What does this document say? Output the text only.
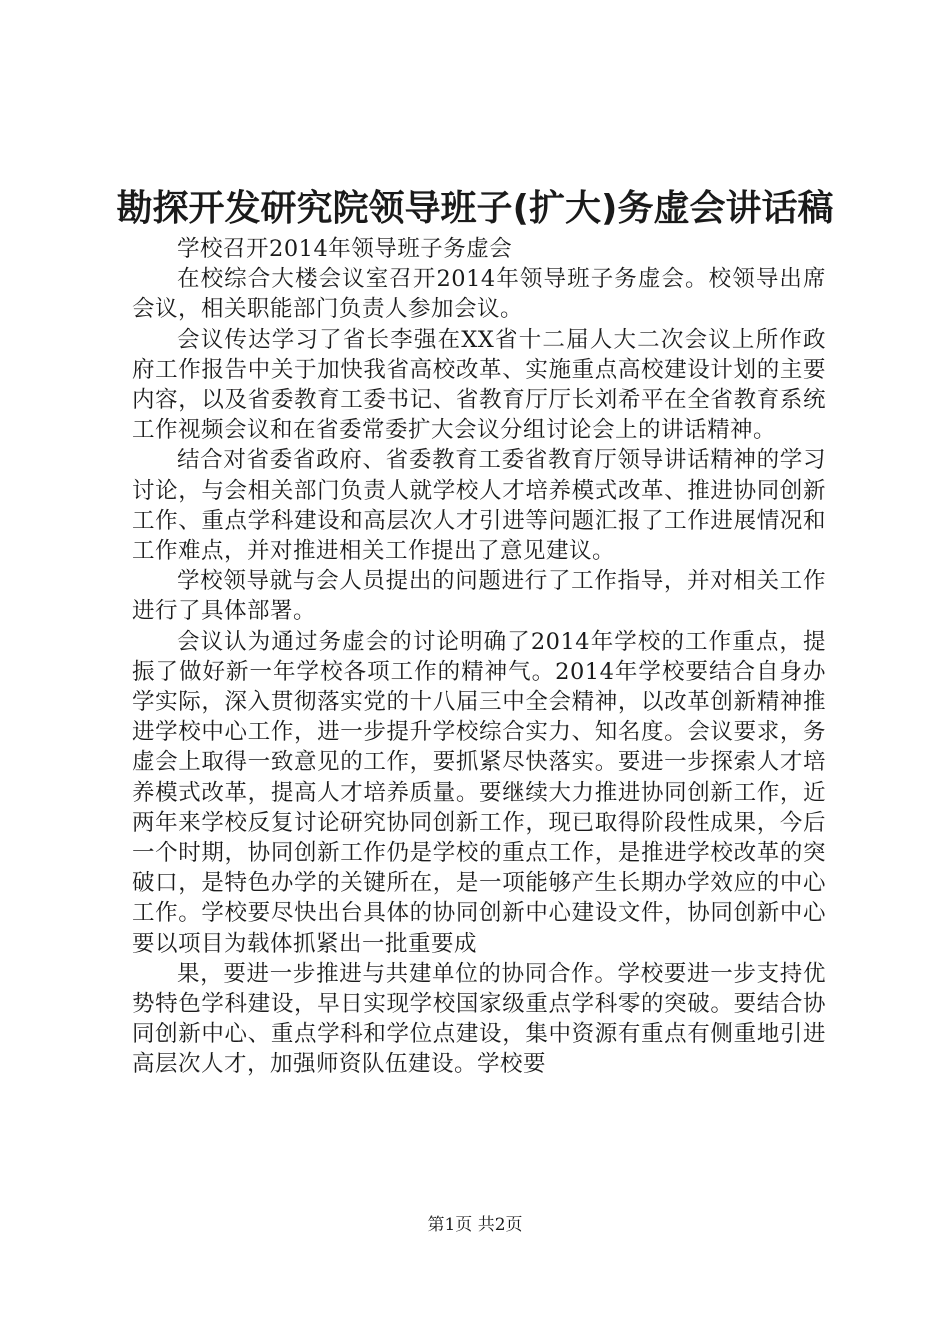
勘探开发研究院领导班子(扩大)务虚会讲话稿

学校召开2014年领导班子务虚会

在校综合大楼会议室召开2014年领导班子务虚会。校领导出席会议，相关职能部门负责人参加会议。

会议传达学习了省长李强在XX省十二届人大二次会议上所作政府工作报告中关于加快我省高校改革、实施重点高校建设计划的主要内容，以及省委教育工委书记、省教育厅厅长刘希平在全省教育系统工作视频会议和在省委常委扩大会议分组讨论会上的讲话精神。

结合对省委省政府、省委教育工委省教育厅领导讲话精神的学习讨论，与会相关部门负责人就学校人才培养模式改革、推进协同创新工作、重点学科建设和高层次人才引进等问题汇报了工作进展情况和工作难点，并对推进相关工作提出了意见建议。

学校领导就与会人员提出的问题进行了工作指导，并对相关工作进行了具体部署。

会议认为通过务虚会的讨论明确了2014年学校的工作重点，提振了做好新一年学校各项工作的精神气。2014年学校要结合自身办学实际，深入贯彻落实党的十八届三中全会精神，以改革创新精神推进学校中心工作，进一步提升学校综合实力、知名度。会议要求，务虚会上取得一致意见的工作，要抓紧尽快落实。要进一步探索人才培养模式改革，提高人才培养质量。要继续大力推进协同创新工作，近两年来学校反复讨论研究协同创新工作，现已取得阶段性成果，今后一个时期，协同创新工作仍是学校的重点工作，是推进学校改革的突破口，是特色办学的关键所在，是一项能够产生长期办学效应的中心工作。学校要尽快出台具体的协同创新中心建设文件，协同创新中心要以项目为载体抓紧出一批重要成

果，要进一步推进与共建单位的协同合作。学校要进一步支持优势特色学科建设，早日实现学校国家级重点学科零的突破。要结合协同创新中心、重点学科和学位点建设，集中资源有重点有侧重地引进高层次人才，加强师资队伍建设。学校要

第1页 共2页
